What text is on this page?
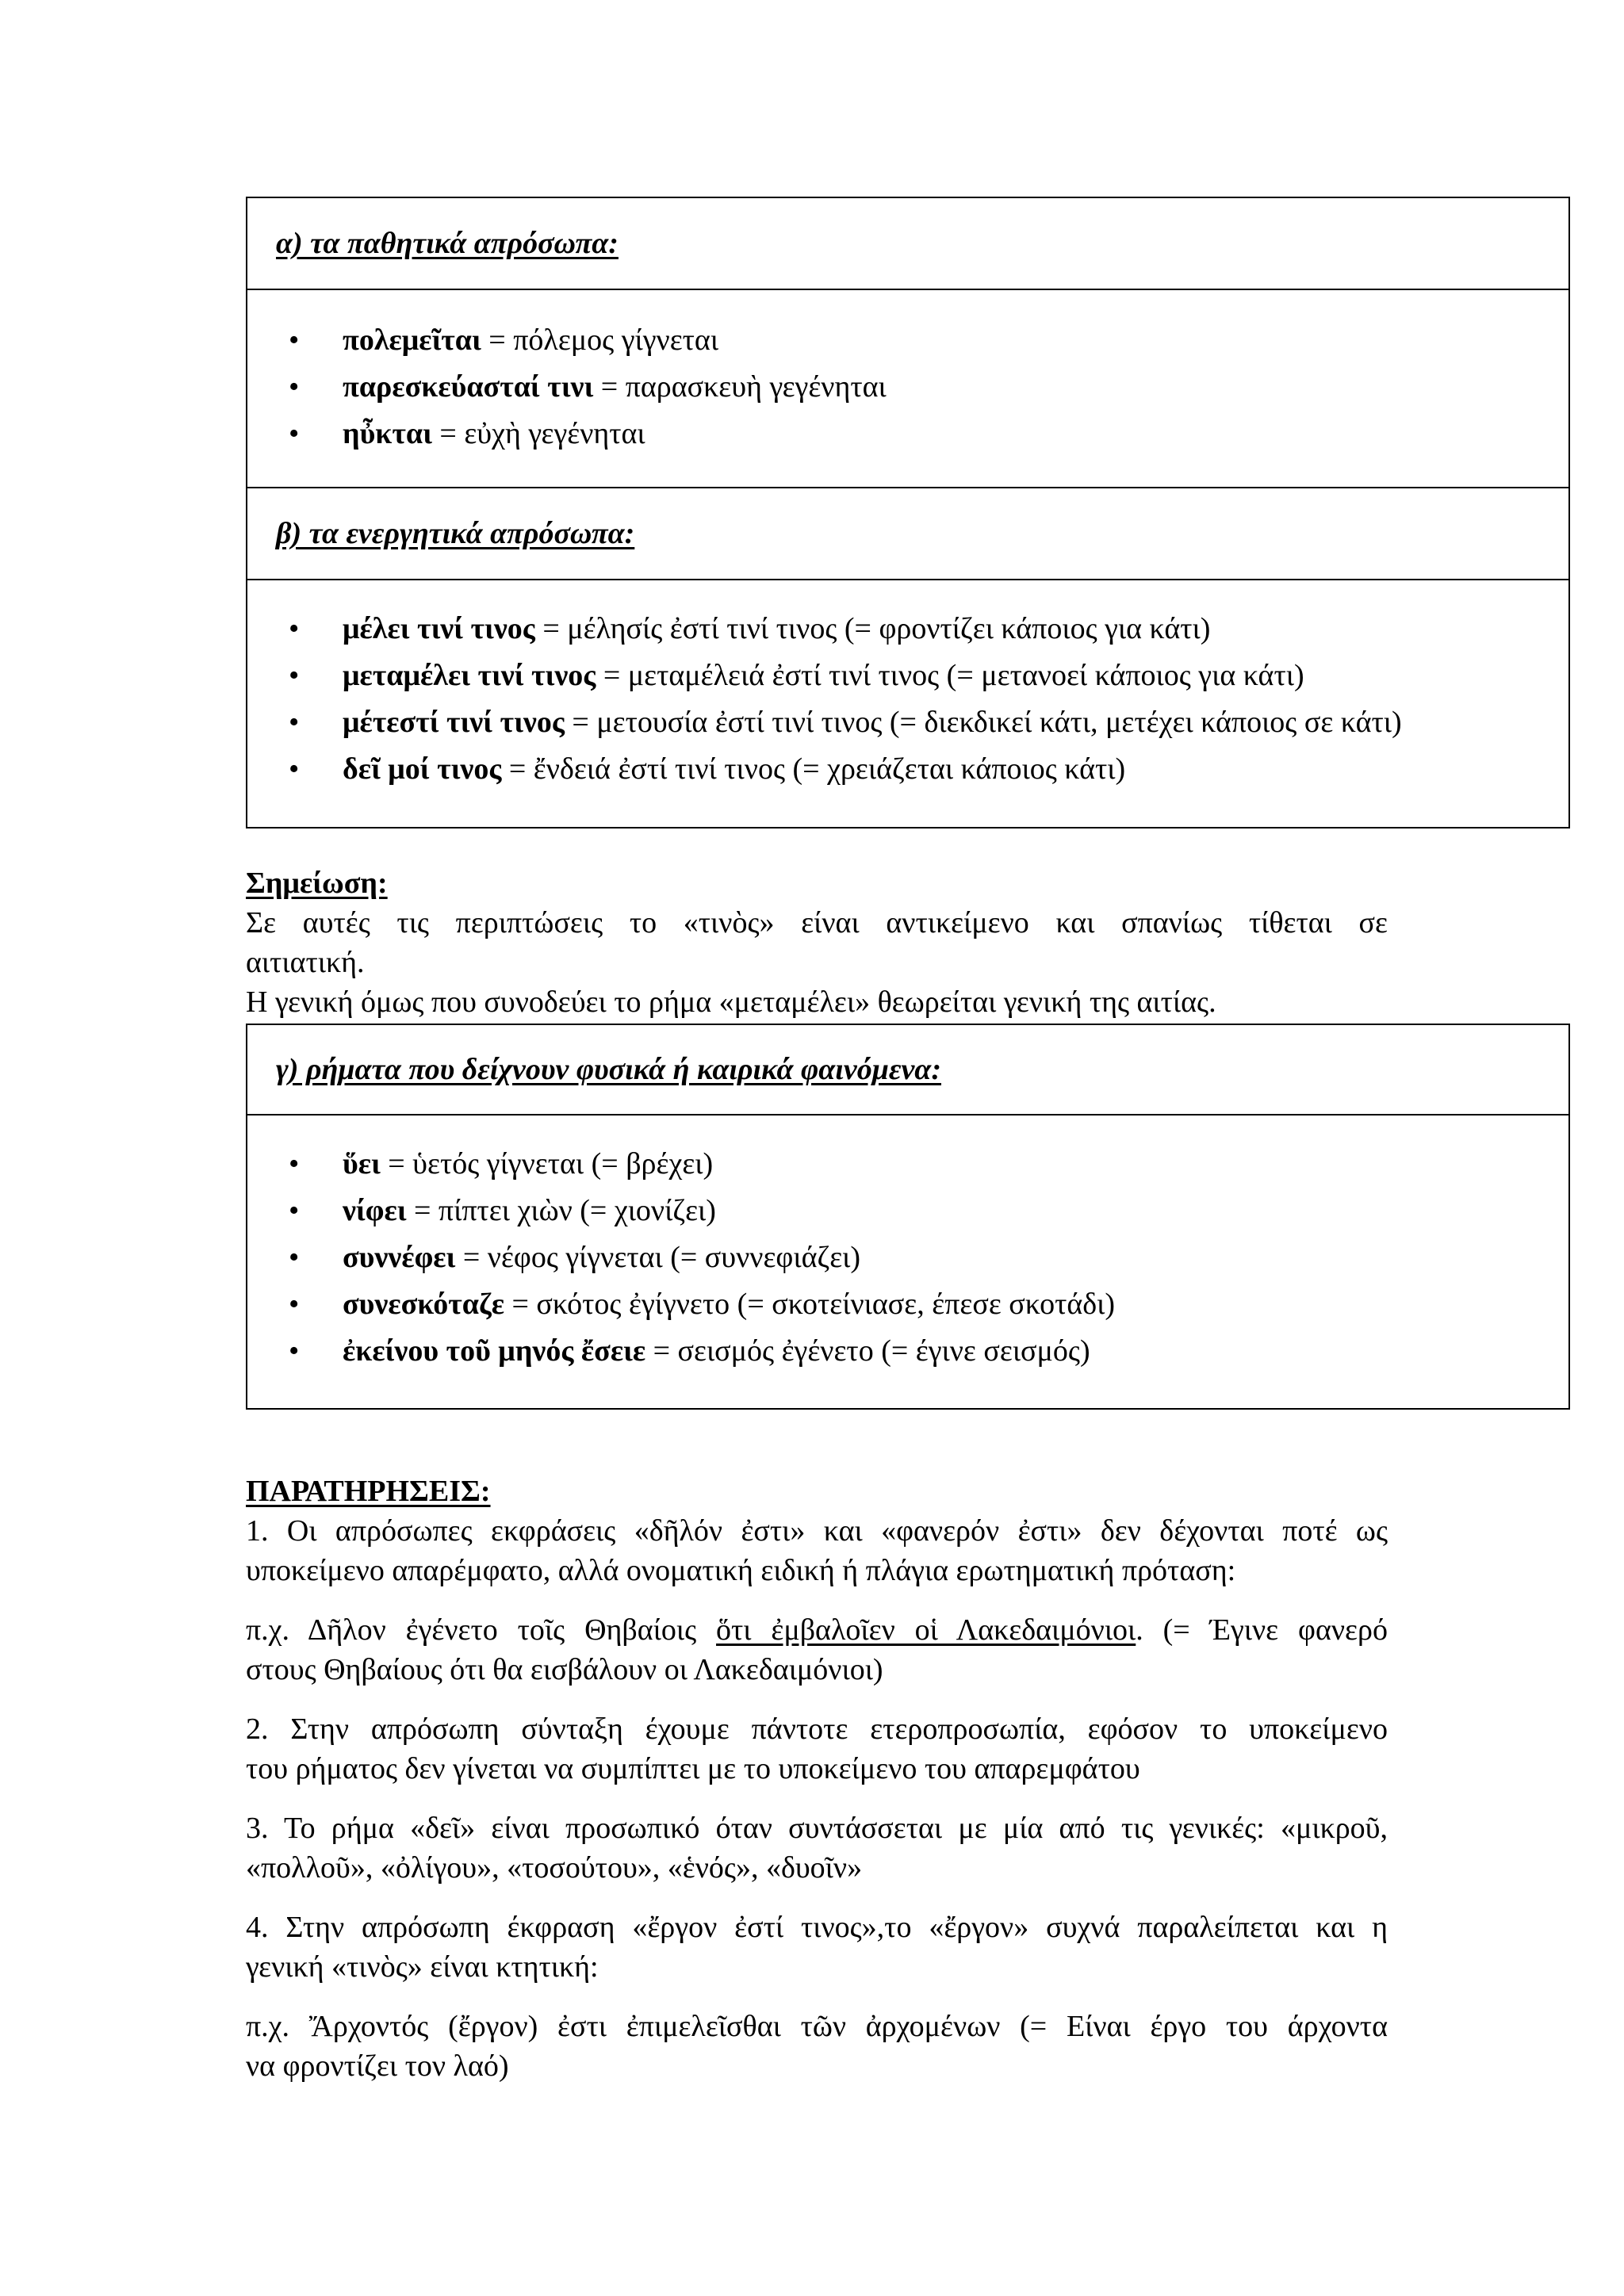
α) τα παθητικά απρόσωπα:
• πολεμεῖται = πόλεμος γίγνεται
• παρεσκεύασταί τινι = παρασκευὴ γεγένηται
• ηὖκται = εὐχὴ γεγένηται
β) τα ενεργητικά απρόσωπα:
• μέλει τινί τινος = μέλησίς ἐστί τινί τινος (= φροντίζει κάποιος για κάτι)
• μεταμέλει τινί τινος = μεταμέλειά ἐστί τινί τινος (= μετανοεί κάποιος για κάτι)
• μέτεστί τινί τινος = μετουσία ἐστί τινί τινος (= διεκδικεί κάτι, μετέχει κάποιος σε κάτι)
• δεῖ μοί τινος = ἔνδειά ἐστί τινί τινος (= χρειάζεται κάποιος κάτι)
Σημείωση:
Σε αυτές τις περιπτώσεις το «τινὸς» είναι αντικείμενο και σπανίως τίθεται σε
αιτιατική.
Η γενική όμως που συνοδεύει το ρήμα «μεταμέλει» θεωρείται γενική της αιτίας.
γ) ρήματα που δείχνουν φυσικά ή καιρικά φαινόμενα:
• ὕει = ὑετός γίγνεται (= βρέχει)
• νίφει = πίπτει χιὼν (= χιονίζει)
• συννέφει = νέφος γίγνεται (= συννεφιάζει)
• συνεσκόταζε = σκότος ἐγίγνετο (= σκοτείνιασε, έπεσε σκοτάδι)
• ἐκείνου τοῦ μηνός ἔσειε = σεισμός ἐγένετο (= έγινε σεισμός)
ΠΑΡΑΤΗΡΗΣΕΙΣ:
1. Οι απρόσωπες εκφράσεις «δῆλόν ἐστι» και «φανερόν ἐστι» δεν δέχονται ποτέ ως
υποκείμενο απαρέμφατο, αλλά ονοματική ειδική ή πλάγια ερωτηματική πρόταση:
π.χ. Δῆλον ἐγένετο τοῖς Θηβαίοις ὅτι ἐμβαλοῖεν οἱ Λακεδαιμόνιοι. (= Έγινε φανερό
στους Θηβαίους ότι θα εισβάλουν οι Λακεδαιμόνιοι)
2. Στην απρόσωπη σύνταξη έχουμε πάντοτε ετεροπροσωπία, εφόσον το υποκείμενο
του ρήματος δεν γίνεται να συμπίπτει με το υποκείμενο του απαρεμφάτου
3. Το ρήμα «δεῖ» είναι προσωπικό όταν συντάσσεται με μία από τις γενικές: «μικροῦ,
«πολλοῦ», «ὀλίγου», «τοσούτου», «ἑνός», «δυοῖν»
4. Στην απρόσωπη έκφραση «ἔργον ἐστί τινος»,το «ἔργον» συχνά παραλείπεται και η
γενική «τινὸς» είναι κτητική:
π.χ. Ἄρχοντός (ἔργον) ἐστι ἐπιμελεῖσθαι τῶν ἀρχομένων (= Είναι έργο του άρχοντα
να φροντίζει τον λαό)
